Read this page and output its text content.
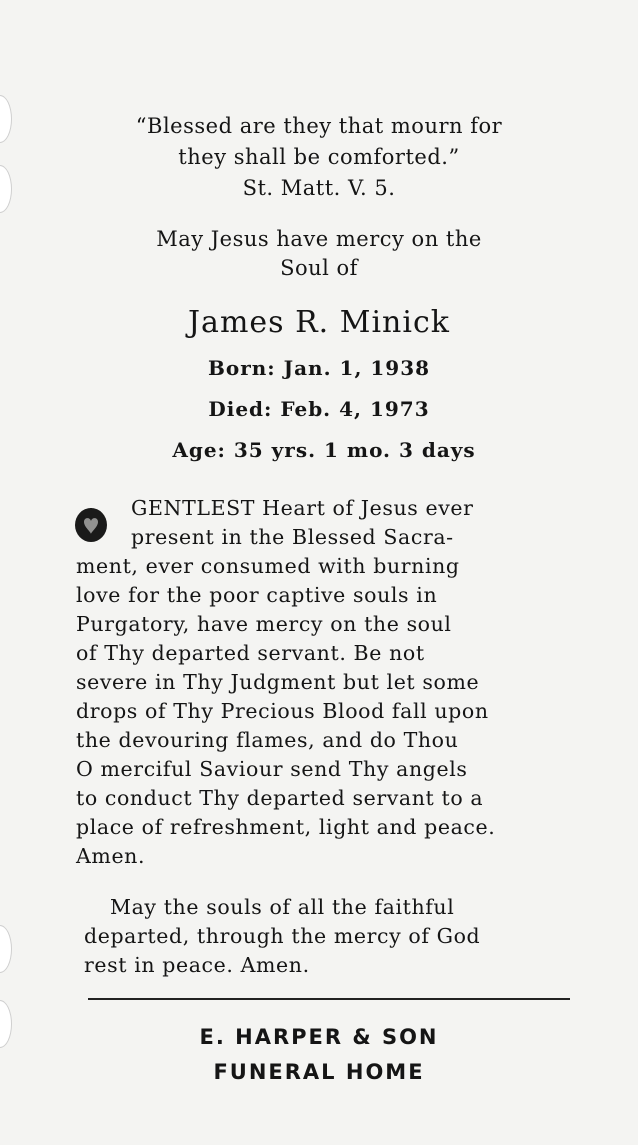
“Blessed are they that mourn for
they shall be comforted.”
St. Matt. V. 5.
May Jesus have mercy on the
Soul of
James R. Minick
Born: Jan. 1, 1938
Died: Feb. 4, 1973
Age: 35 yrs. 1 mo. 3 days
GENTLEST Heart of Jesus ever
present in the Blessed Sacra-
ment, ever consumed with burning
love for the poor captive souls in
Purgatory, have mercy on the soul
of Thy departed servant. Be not
severe in Thy Judgment but let some
drops of Thy Precious Blood fall upon
the devouring flames, and do Thou
O merciful Saviour send Thy angels
to conduct Thy departed servant to a
place of refreshment, light and peace.
Amen.
May the souls of all the faithful
departed, through the mercy of God
rest in peace. Amen.
E. HARPER & SON
FUNERAL HOME
